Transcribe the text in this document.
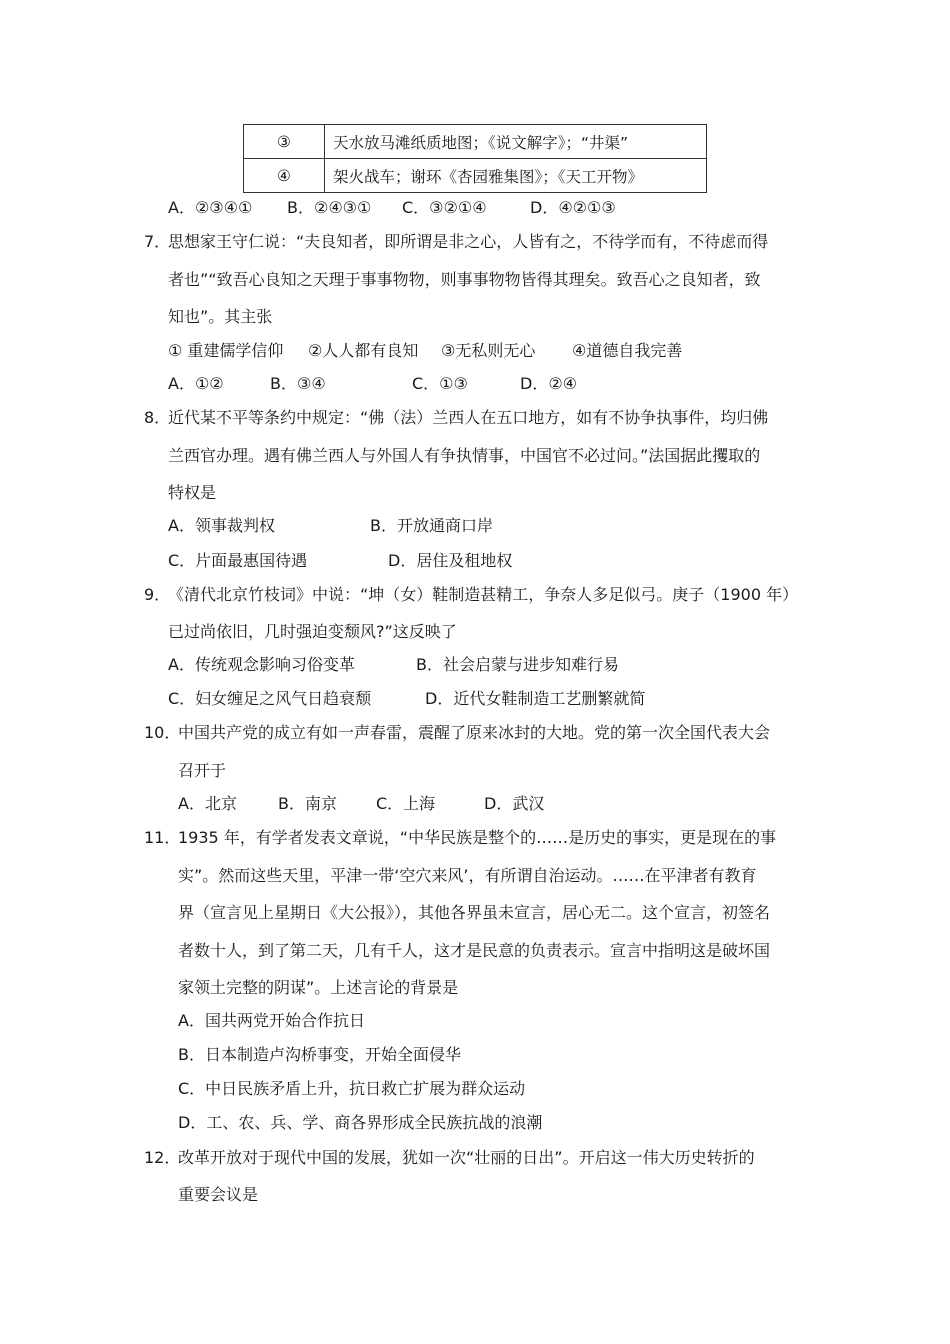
③	天水放马滩纸质地图；《说文解字》；“井渠”
④	架火战车；谢环《杏园雅集图》；《天工开物》
A．②③④① B．②④③① C．③②①④	D．④②①③
7．
思想家王守仁说：“夫良知者，即所谓是非之心，人皆有之，不待学而有，不待虑而得
者也”“致吾心良知之天理于事事物物，则事事物物皆得其理矣。致吾心之良知者，致
知也”。其主张
① 重建儒学信仰 ②人人都有良知 ③无私则无心 ④道德自我完善
A．①②	B．③④	C．①③	D．②④
8．
近代某不平等条约中规定：“佛（法）兰西人在五口地方，如有不协争执事件，均归佛
兰西官办理。遇有佛兰西人与外国人有争执情事，中国官不必过问。”法国据此攫取的
特权是
A．领事裁判权	B．开放通商口岸
C．片面最惠国待遇	D．居住及租地权
9．
《清代北京竹枝词》中说：“坤（女）鞋制造甚精工，争奈人多足似弓。庚子（1900 年）
已过尚依旧，几时强迫变颓风?”这反映了
A．传统观念影响习俗变革	B．社会启蒙与进步知难行易
C．妇女缠足之风气日趋衰颓	D．近代女鞋制造工艺删繁就简
10．
中国共产党的成立有如一声春雷，震醒了原来冰封的大地。党的第一次全国代表大会
召开于
A．北京	B．南京 C．上海	D．武汉
11．
1935 年，有学者发表文章说，“中华民族是整个的……是历史的事实，更是现在的事
实”。然而这些天里，平津一带‘空穴来风’，有所谓自治运动。……在平津者有教育
界（宣言见上星期日《大公报》），其他各界虽未宣言，居心无二。这个宣言，初签名
者数十人，到了第二天，几有千人，这才是民意的负责表示。宣言中指明这是破坏国
家领土完整的阴谋”。上述言论的背景是
A．国共两党开始合作抗日
B．日本制造卢沟桥事变，开始全面侵华
C．中日民族矛盾上升，抗日救亡扩展为群众运动
D．工、农、兵、学、商各界形成全民族抗战的浪潮
12．
改革开放对于现代中国的发展，犹如一次“壮丽的日出”。开启这一伟大历史转折的
重要会议是
